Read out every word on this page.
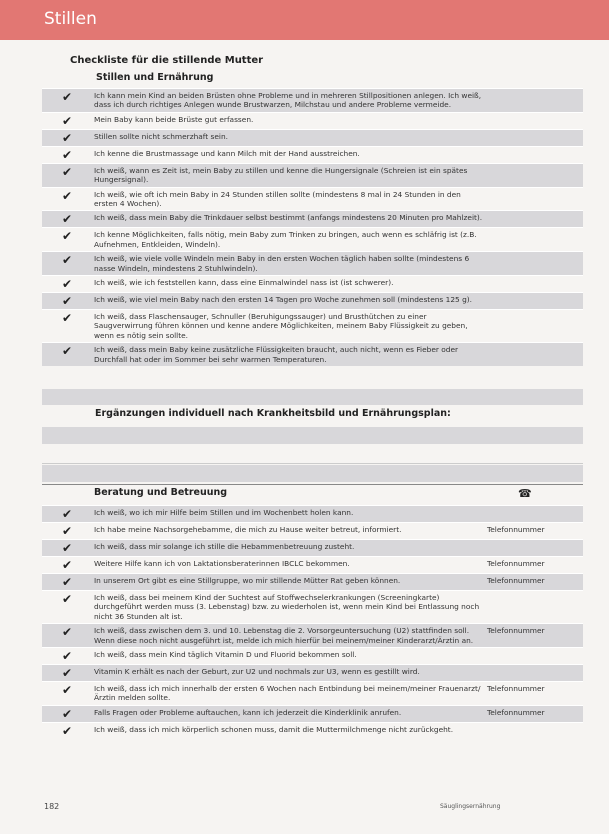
Stillen
Checkliste für die stillende Mutter
Stillen und Ernährung
✔	Ich kann mein Kind an beiden Brüsten ohne Probleme und in mehreren Stillpositionen anlegen. Ich weiß, dass ich durch richtiges Anlegen wunde Brustwarzen, Milchstau und andere Probleme vermeide.	
✔	Mein Baby kann beide Brüste gut erfassen.	
✔	Stillen sollte nicht schmerzhaft sein.	
✔	Ich kenne die Brustmassage und kann Milch mit der Hand ausstreichen.	
✔	Ich weiß, wann es Zeit ist, mein Baby zu stillen und kenne die Hungersignale (Schreien ist ein spätes Hungersignal).	
✔	Ich weiß, wie oft ich mein Baby in 24 Stunden stillen sollte (mindestens 8 mal in 24 Stunden in den ersten 4 Wochen).	
✔	Ich weiß, dass mein Baby die Trinkdauer selbst bestimmt (anfangs mindestens 20 Minuten pro Mahlzeit).	
✔	Ich kenne Möglichkeiten, falls nötig, mein Baby zum Trinken zu bringen, auch wenn es schläfrig ist (z.B. Aufnehmen, Entkleiden, Windeln).	
✔	Ich weiß, wie viele volle Windeln mein Baby in den ersten Wochen täglich haben sollte (mindestens 6 nasse Windeln, mindestens 2 Stuhlwindeln).	
✔	Ich weiß, wie ich feststellen kann, dass eine Einmalwindel nass ist (ist schwerer).	
✔	Ich weiß, wie viel mein Baby nach den ersten 14 Tagen pro Woche zunehmen soll (mindestens 125 g).	
✔	Ich weiß, dass Flaschensauger, Schnuller (Beruhigungssauger) und Brusthütchen zu einer Saugverwirrung führen können und kenne andere Möglichkeiten, meinem Baby Flüssigkeit zu geben, wenn es nötig sein sollte.	
✔	Ich weiß, dass mein Baby keine zusätzliche Flüssigkeiten braucht, auch nicht, wenn es Fieber oder Durchfall hat oder im Sommer bei sehr warmen Temperaturen.	
Ergänzungen individuell nach Krankheitsbild und Ernährungsplan:
Beratung und Betreuung	☎
✔	Ich weiß, wo ich mir Hilfe beim Stillen und im Wochenbett holen kann.	
✔	Ich habe meine Nachsorgehebamme, die mich zu Hause weiter betreut, informiert.	Telefonnummer
✔	Ich weiß, dass mir solange ich stille die Hebammenbetreuung zusteht.	
✔	Weitere Hilfe kann ich von Laktationsberaterinnen IBCLC bekommen.	Telefonnummer
✔	In unserem Ort gibt es eine Stillgruppe, wo mir stillende Mütter Rat geben können.	Telefonnummer
✔	Ich weiß, dass bei meinem Kind der Suchtest auf Stoffwechselerkrankungen (Screeningkarte) durchgeführt werden muss (3. Lebenstag) bzw. zu wiederholen ist, wenn mein Kind bei Entlassung noch nicht 36 Stunden alt ist.	
✔	Ich weiß, dass zwischen dem 3. und 10. Lebenstag die 2. Vorsorgeuntersuchung (U2) stattfinden soll. Wenn diese noch nicht ausgeführt ist, melde ich mich hierfür bei meinem/meiner Kinderarzt/Ärztin an.	Telefonnummer
✔	Ich weiß, dass mein Kind täglich Vitamin D und Fluorid bekommen soll.	
✔	Vitamin K erhält es nach der Geburt, zur U2 und nochmals zur U3, wenn es gestillt wird.	
✔	Ich weiß, dass ich mich innerhalb der ersten 6 Wochen nach Entbindung bei meinem/meiner Frauenarzt/Ärztin melden sollte.	Telefonnummer
✔	Falls Fragen oder Probleme auftauchen, kann ich jederzeit die Kinderklinik anrufen.	Telefonnummer
✔	Ich weiß, dass ich mich körperlich schonen muss, damit die Muttermilchmenge nicht zurückgeht.	
182	Säuglingsernährung
